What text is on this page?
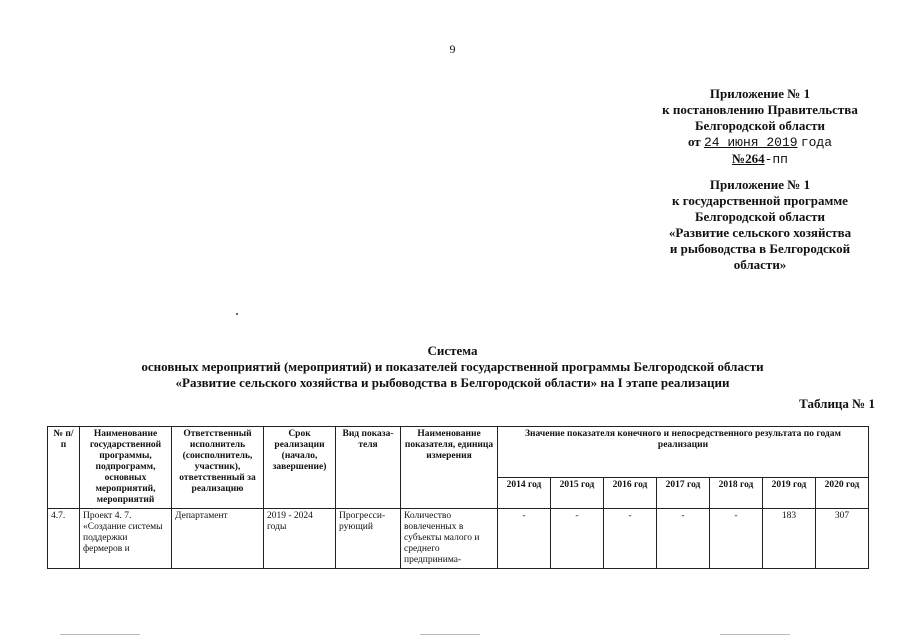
9
Приложение № 1
к постановлению Правительства
Белгородской области
от 24 июня 2019 года
№264-пп
Приложение № 1
к государственной программе
Белгородской области
«Развитие сельского хозяйства
и рыбоводства в Белгородской
области»
Система
основных мероприятий (мероприятий) и показателей государственной программы Белгородской области
«Развитие сельского хозяйства и рыбоводства в Белгородской области» на I этапе реализации
Таблица № 1
№ п/п	Наименование государственной программы, подпрограмм, основных мероприятий, мероприятий	Ответственный исполнитель (соисполнитель, участник), ответственный за реализацию	Срок реализации (начало, завершение)	Вид показа-теля	Наименование показателя, единица измерения	Значение показателя конечного и непосредственного результата по годам реализации						
						2014 год	2015 год	2016 год	2017 год	2018 год	2019 год	2020 год
4.7.	Проект 4. 7. «Создание системы поддержки фермеров и	Департамент	2019 - 2024 годы	Прогресси-рующий	Количество вовлеченных в субъекты малого и среднего предпринима-	-	-	-	-	-	183	307
